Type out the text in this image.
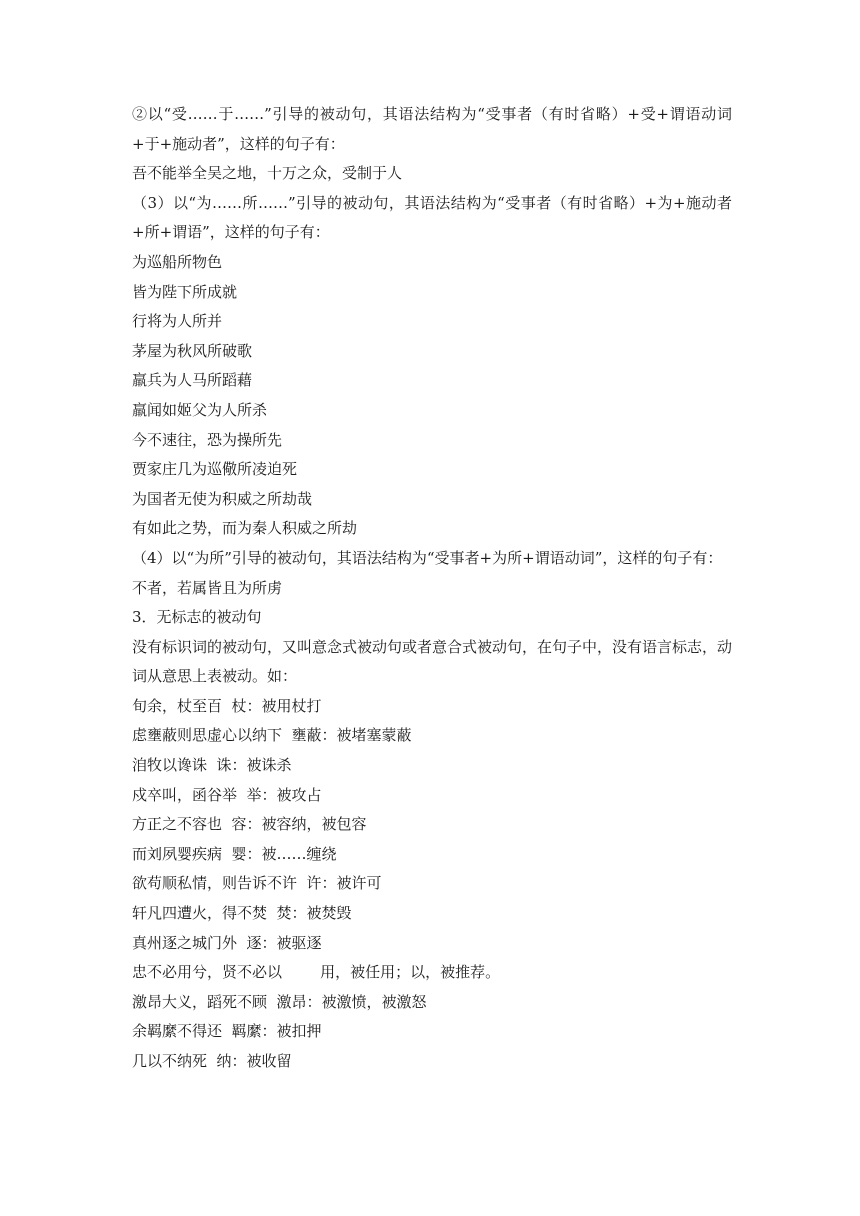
②以“受……于……”引导的被动句，其语法结构为“受事者（有时省略）+受+谓语动词+于+施动者”，这样的句子有：

吾不能举全吴之地，十万之众，受制于人

（3）以“为……所……”引导的被动句，其语法结构为“受事者（有时省略）+为+施动者+所+谓语”，这样的句子有：

为巡船所物色

皆为陛下所成就

行将为人所并

茅屋为秋风所破歌

羸兵为人马所蹈藉

羸闻如姬父为人所杀

今不速往，恐为操所先

贾家庄几为巡儆所凌迫死

为国者无使为积威之所劫哉

有如此之势，而为秦人积威之所劫

（4）以“为所”引导的被动句，其语法结构为“受事者+为所+谓语动词”，这样的句子有：

不者，若属皆且为所虏

3．无标志的被动句

没有标识词的被动句，又叫意念式被动句或者意合式被动句，在句子中，没有语言标志，动词从意思上表被动。如：

旬余，杖至百  杖：被用杖打

虑壅蔽则思虚心以纳下  壅蔽：被堵塞蒙蔽

洎牧以谗诛  诛：被诛杀

戍卒叫，函谷举  举：被攻占

方正之不容也  容：被容纳，被包容

而刘夙婴疾病  婴：被……缠绕

欲苟顺私情，则告诉不许  许：被许可

轩凡四遭火，得不焚  焚：被焚毁

真州逐之城门外  逐：被驱逐

忠不必用兮，贤不必以        用，被任用；以，被推荐。

激昂大义，蹈死不顾  激昂：被激愤，被激怒

余羁縻不得还  羁縻：被扣押

几以不纳死  纳：被收留
